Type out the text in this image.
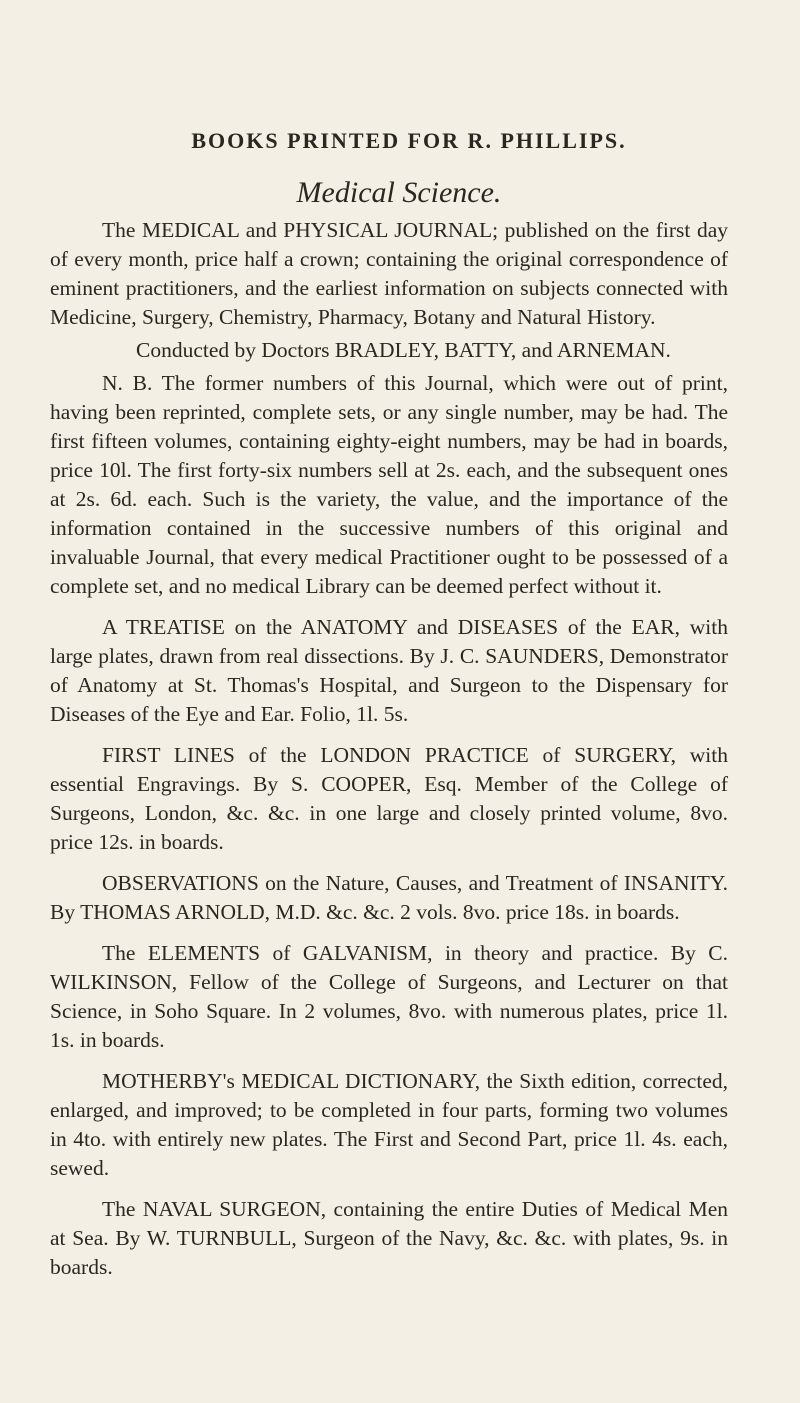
BOOKS PRINTED FOR R. PHILLIPS.
Medical Science.

The MEDICAL and PHYSICAL JOURNAL; published on the first day of every month, price half a crown; containing the original correspondence of eminent practitioners, and the earliest information on subjects connected with Medicine, Surgery, Chemistry, Pharmacy, Botany and Natural History.

Conducted by Doctors BRADLEY, BATTY, and ARNEMAN.

N. B. The former numbers of this Journal, which were out of print, having been reprinted, complete sets, or any single number, may be had. The first fifteen volumes, containing eighty-eight numbers, may be had in boards, price 10l. The first forty-six numbers sell at 2s. each, and the subsequent ones at 2s. 6d. each. Such is the variety, the value, and the importance of the information contained in the successive numbers of this original and invaluable Journal, that every medical Practitioner ought to be possessed of a complete set, and no medical Library can be deemed perfect without it.

A TREATISE on the ANATOMY and DISEASES of the EAR, with large plates, drawn from real dissections. By J. C. SAUNDERS, Demonstrator of Anatomy at St. Thomas's Hospital, and Surgeon to the Dispensary for Diseases of the Eye and Ear. Folio, 1l. 5s.

FIRST LINES of the LONDON PRACTICE of SURGERY, with essential Engravings. By S. COOPER, Esq. Member of the College of Surgeons, London, &c. &c. in one large and closely printed volume, 8vo. price 12s. in boards.

OBSERVATIONS on the Nature, Causes, and Treatment of INSANITY. By THOMAS ARNOLD, M.D. &c. &c. 2 vols. 8vo. price 18s. in boards.

The ELEMENTS of GALVANISM, in theory and practice. By C. WILKINSON, Fellow of the College of Surgeons, and Lecturer on that Science, in Soho Square. In 2 volumes, 8vo. with numerous plates, price 1l. 1s. in boards.

MOTHERBY's MEDICAL DICTIONARY, the Sixth edition, corrected, enlarged, and improved; to be completed in four parts, forming two volumes in 4to. with entirely new plates. The First and Second Part, price 1l. 4s. each, sewed.

The NAVAL SURGEON, containing the entire Duties of Medical Men at Sea. By W. TURNBULL, Surgeon of the Navy, &c. &c. with plates, 9s. in boards.
